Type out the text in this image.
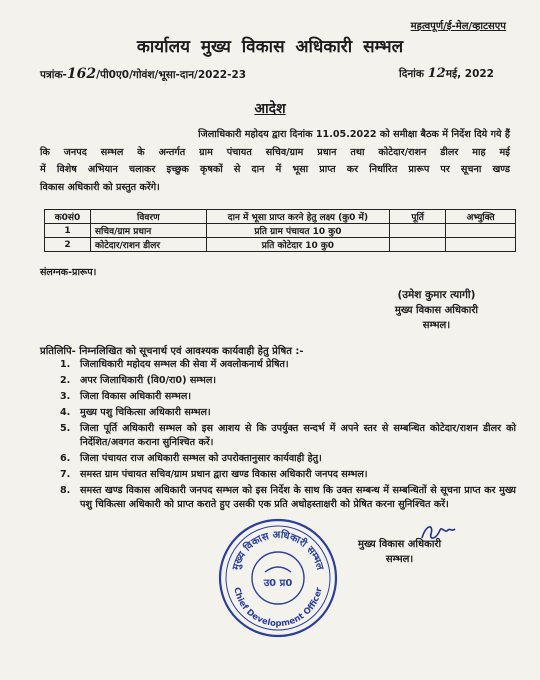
महत्वपूर्ण/ई-मेल/व्हाटसएप
कार्यालय मुख्य विकास अधिकारी सम्भल
पत्रांक-162/पी0ए0/गोवंश/भूसा-दान/2022-23	दिनांक 12मई, 2022
आदेश
जिलाधिकारी महोदय द्वारा दिनांक 11.05.2022 को समीक्षा बैठक में निर्देश दिये गये हैं
कि जनपद सम्भल के अन्तर्गत ग्राम पंचायत सचिव/ग्राम प्रधान तथा कोटेदार/राशन डीलर माह मई
में विशेष अभियान चलाकर इच्छुक कृषकों से दान में भूसा प्राप्त कर निर्धारित प्रारूप पर सूचना खण्ड
विकास अधिकारी को प्रस्तुत करेंगे।
क0सं0	विवरण	दान में भूसा प्राप्त करने हेतु लक्ष्य (कु0 में)	पूर्ति	अभ्युक्ति
1	सचिव/ग्राम प्रधान	प्रति ग्राम पंचायत 10 कु0		
2	कोटेदार/राशन डीलर	प्रति कोटेदार 10 कु0		
संलग्नक-प्रारूप।
(उमेश कुमार त्यागी)
मुख्य विकास अधिकारी
सम्भल।
प्रतिलिपि- निम्नलिखित को सूचनार्थ एवं आवश्यक कार्यवाही हेतु प्रेषित :-
1.	जिलाधिकारी महोदय सम्भल की सेवा में अवलोकनार्थ प्रेषित।
2.	अपर जिलाधिकारी (वि0/रा0) सम्भल।
3.	जिला विकास अधिकारी सम्भल।
4.	मुख्य पशु चिकित्सा अधिकारी सम्भल।
5.	जिला पूर्ति अधिकारी सम्भल को इस आशय से कि उपर्युक्त सन्दर्भ में अपने स्तर से सम्बन्धित कोटेदार/राशन डीलर को निर्देशित/अवगत कराना सुनिश्चित करें।
6.	जिला पंचायत राज अधिकारी सम्भल को उपरोक्तानुसार कार्यवाही हेतु।
7.	समस्त ग्राम पंचायत सचिव/ग्राम प्रधान द्वारा खण्ड विकास अधिकारी जनपद सम्भल।
8.	समस्त खण्ड विकास अधिकारी जनपद सम्भल को इस निर्देश के साथ कि उक्त सम्बन्ध में सम्बन्धितों से सूचना प्राप्त कर मुख्य पशु चिकित्सा अधिकारी को प्राप्त कराते हुए उसकी एक प्रति अधोहस्ताक्षरी को प्रेषित करना सुनिश्चित करें।
मुख्य विकास अधिकारी
सम्भल।
मुख्य विकास अधिकारी सम्भल
Chief Development Officer
उ0 प्र0
